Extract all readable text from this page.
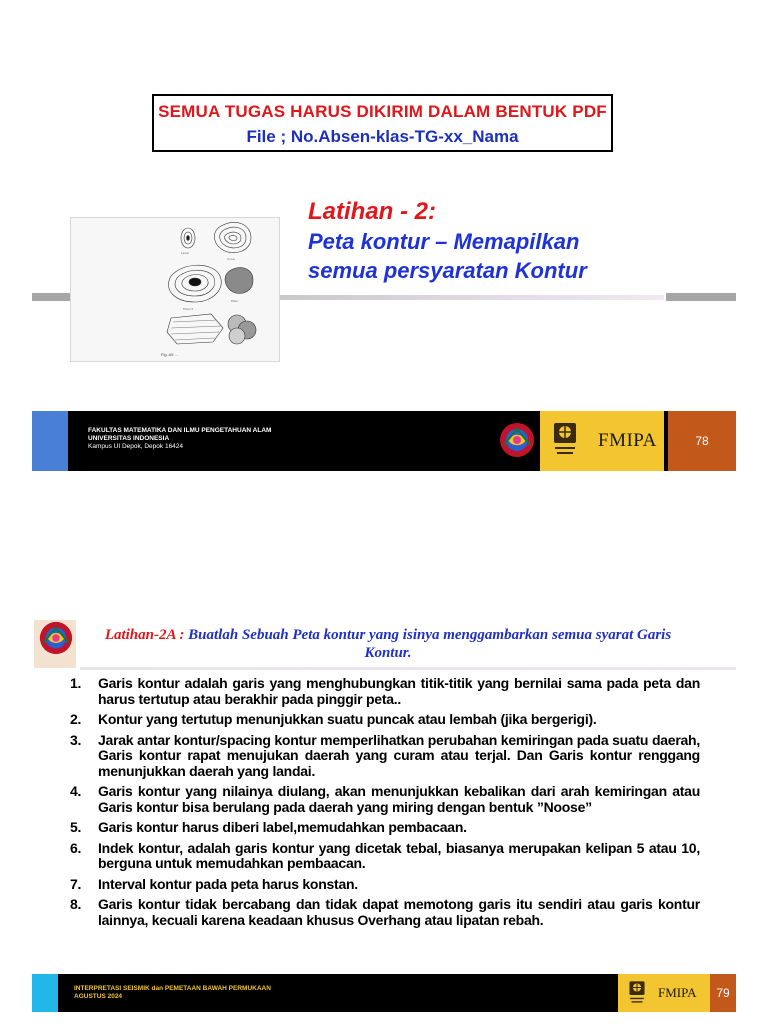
SEMUA TUGAS HARUS DIKIRIM DALAM BENTUK PDF
File ; No.Absen-klas-TG-xx_Nama
Level
Cone
Mound
Plain
Fig. A5 ...
Latihan - 2:
Peta kontur – Memapilkan
semua persyaratan Kontur
FAKULTAS MATEMATIKA DAN ILMU PENGETAHUAN ALAM
UNIVERSITAS INDONESIA
Kampus UI Depok, Depok 16424	FMIPA	78
Latihan-2A : Buatlah Sebuah Peta kontur yang isinya menggambarkan semua syarat Garis Kontur.
1. Garis kontur adalah garis yang menghubungkan titik-titik yang bernilai sama pada peta dan harus tertutup atau berakhir pada pinggir peta..
2. Kontur yang tertutup menunjukkan suatu puncak atau lembah (jika bergerigi).
3. Jarak antar kontur/spacing kontur memperlihatkan perubahan kemiringan pada suatu daerah, Garis kontur rapat menujukan daerah yang curam atau terjal. Dan Garis kontur renggang menunjukkan daerah yang landai.
4. Garis kontur yang nilainya diulang, akan menunjukkan kebalikan dari arah kemiringan atau Garis kontur bisa berulang pada daerah yang miring dengan bentuk ”Noose”
5. Garis kontur harus diberi label,memudahkan pembacaan.
6. Indek kontur, adalah garis kontur yang dicetak tebal, biasanya merupakan kelipan 5 atau 10, berguna untuk memudahkan pembaacan.
7. Interval kontur pada peta harus konstan.
8. Garis kontur tidak bercabang dan tidak dapat memotong garis itu sendiri atau garis kontur lainnya, kecuali karena keadaan khusus Overhang atau lipatan rebah.
INTERPRETASI SEISMIK dan PEMETAAN BAWAH PERMUKAAN
AGUSTUS 2024	FMIPA	79
